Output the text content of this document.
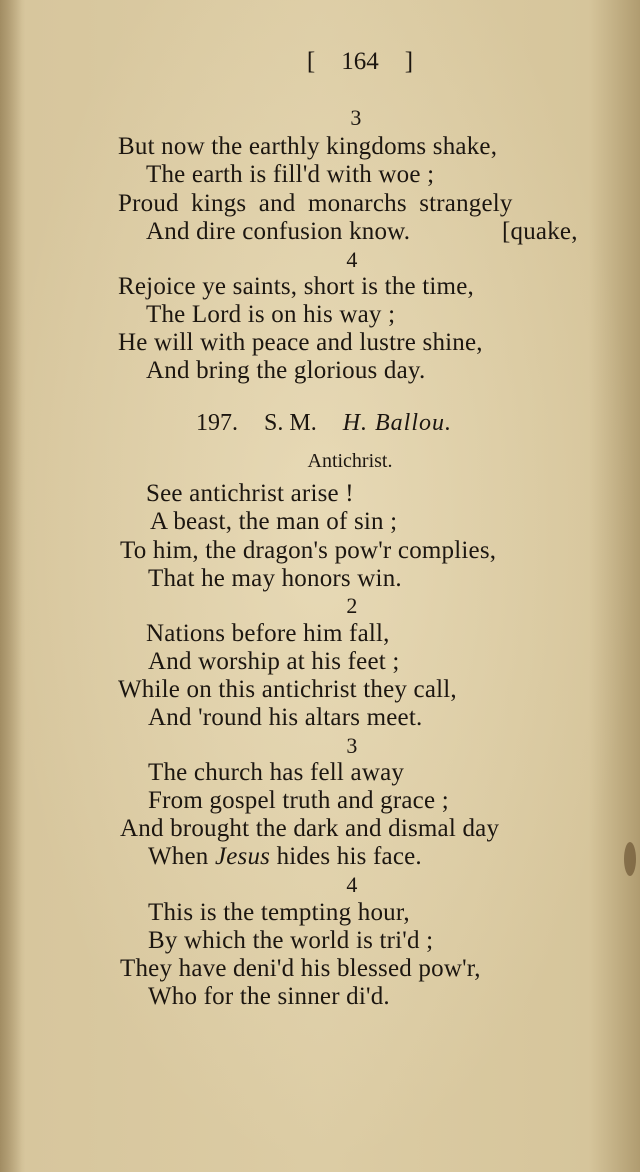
[ 164 ]
3
But now the earthly kingdoms shake,
The earth is fill'd with woe ;
Proud kings and monarchs strangely
And dire confusion know.	[quake,
4
Rejoice ye saints, short is the time,
The Lord is on his way ;
He will with peace and lustre shine,
And bring the glorious day.
197. S. M. H. Ballou.
Antichrist.
See antichrist arise !
A beast, the man of sin ;
To him, the dragon's pow'r complies,
That he may honors win.
2
Nations before him fall,
And worship at his feet ;
While on this antichrist they call,
And 'round his altars meet.
3
The church has fell away
From gospel truth and grace ;
And brought the dark and dismal day
When Jesus hides his face.
4
This is the tempting hour,
By which the world is tri'd ;
They have deni'd his blessed pow'r,
Who for the sinner di'd.
